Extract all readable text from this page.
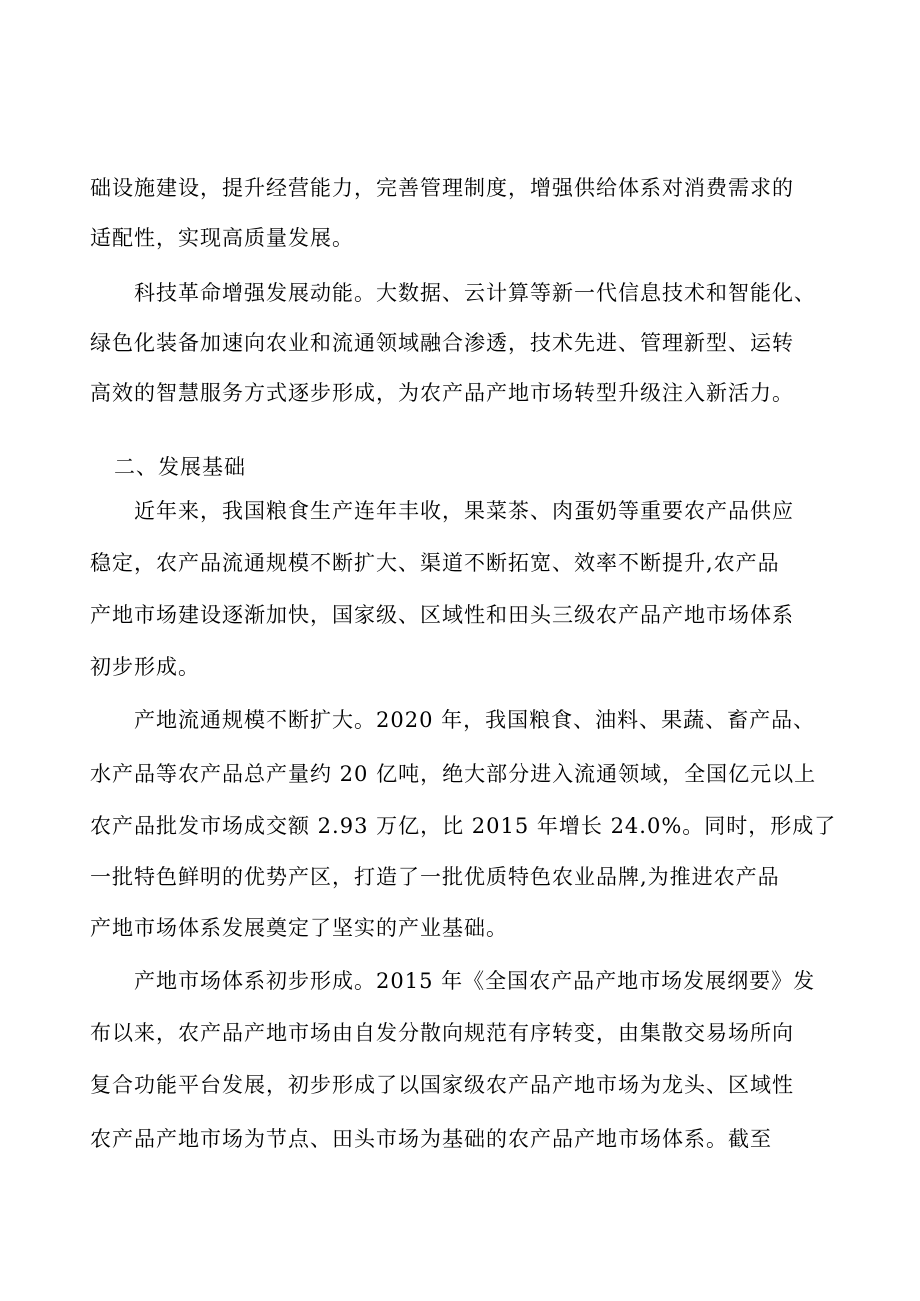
础设施建设，提升经营能力，完善管理制度，增强供给体系对消费需求的

适配性，实现高质量发展。

科技革命增强发展动能。大数据、云计算等新一代信息技术和智能化、

绿色化装备加速向农业和流通领域融合渗透，技术先进、管理新型、运转

高效的智慧服务方式逐步形成，为农产品产地市场转型升级注入新活力。

二、发展基础

近年来，我国粮食生产连年丰收，果菜茶、肉蛋奶等重要农产品供应

稳定，农产品流通规模不断扩大、渠道不断拓宽、效率不断提升,农产品

产地市场建设逐渐加快，国家级、区域性和田头三级农产品产地市场体系

初步形成。

产地流通规模不断扩大。2020 年，我国粮食、油料、果蔬、畜产品、

水产品等农产品总产量约 20 亿吨，绝大部分进入流通领域，全国亿元以上

农产品批发市场成交额 2.93 万亿，比 2015 年增长 24.0%。同时，形成了

一批特色鲜明的优势产区，打造了一批优质特色农业品牌,为推进农产品

产地市场体系发展奠定了坚实的产业基础。

产地市场体系初步形成。2015 年《全国农产品产地市场发展纲要》发

布以来，农产品产地市场由自发分散向规范有序转变，由集散交易场所向

复合功能平台发展，初步形成了以国家级农产品产地市场为龙头、区域性

农产品产地市场为节点、田头市场为基础的农产品产地市场体系。截至
